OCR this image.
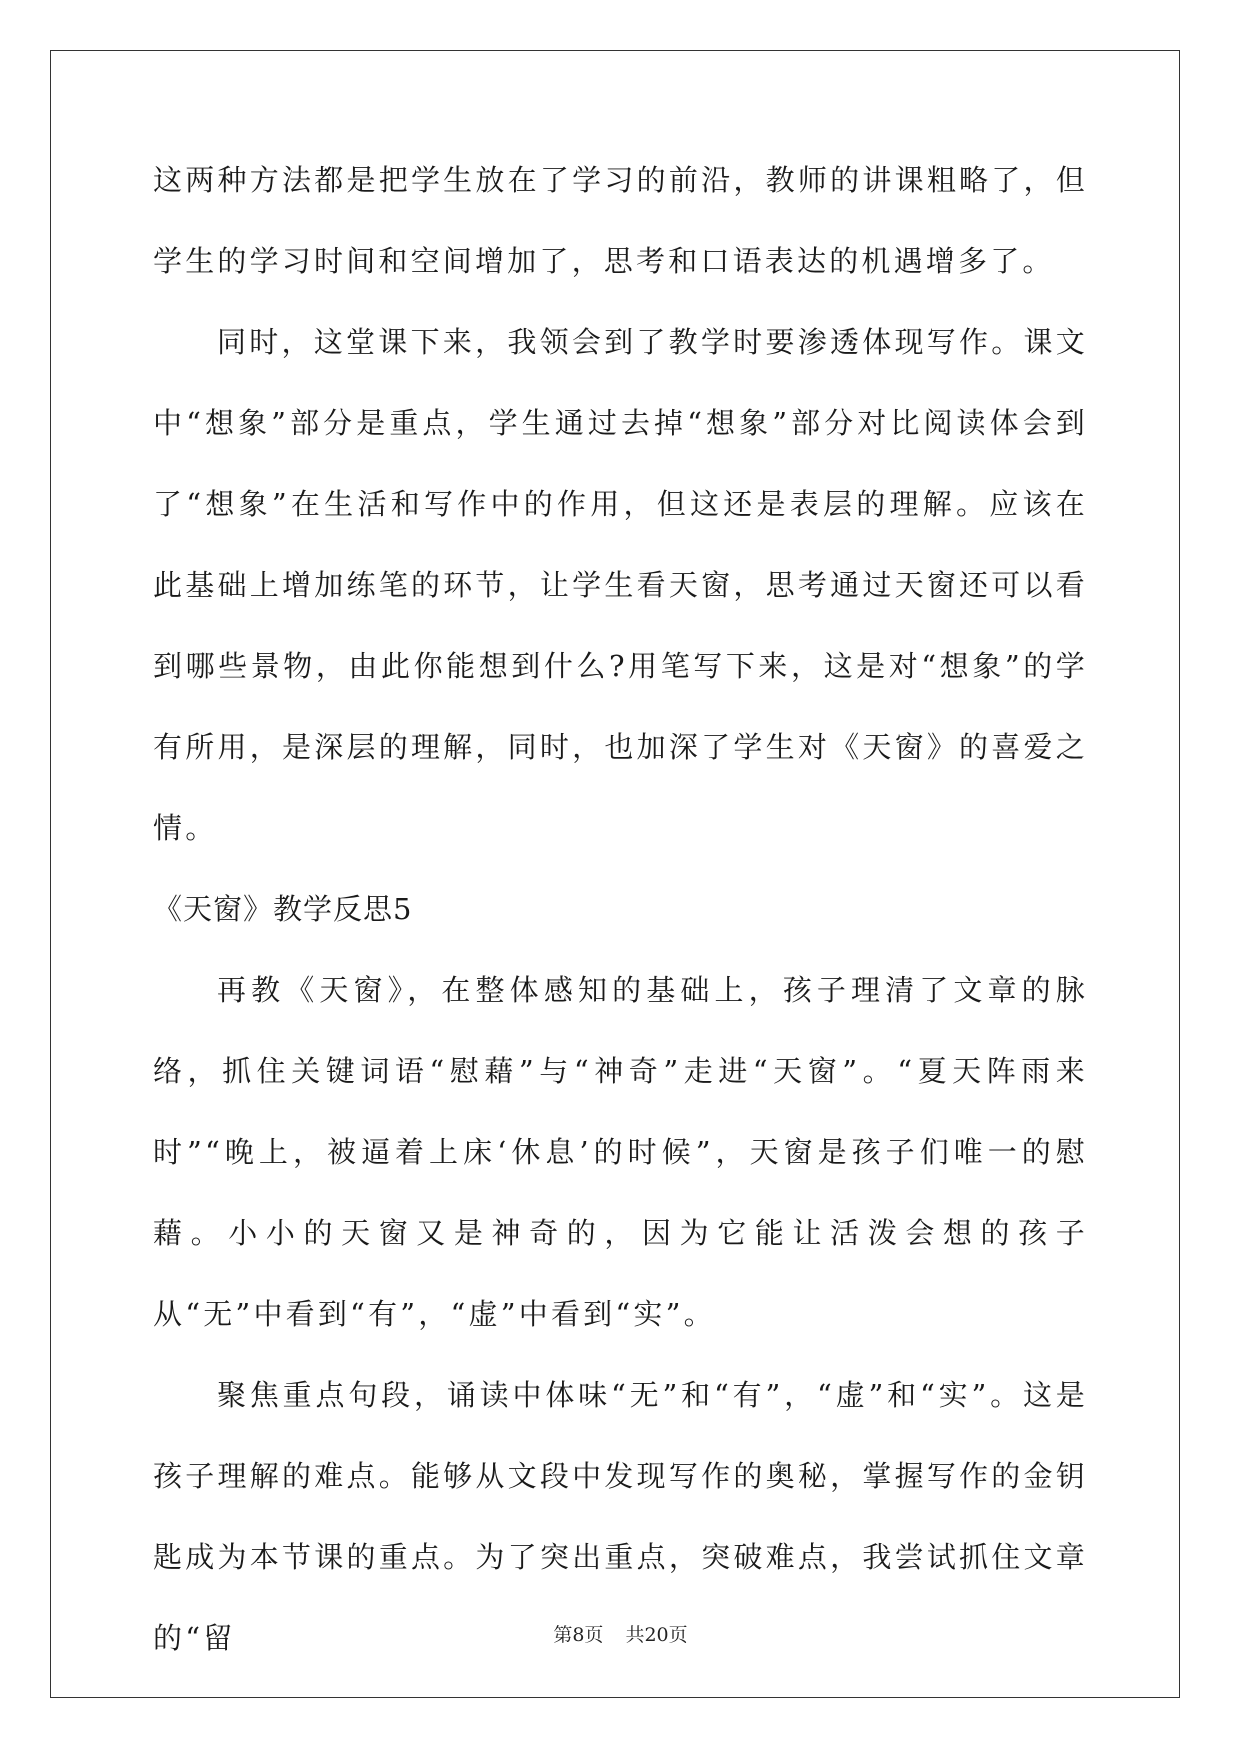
这两种方法都是把学生放在了学习的前沿，教师的讲课粗略了，但学生的学习时间和空间增加了，思考和口语表达的机遇增多了。

同时，这堂课下来，我领会到了教学时要渗透体现写作。课文中“想象”部分是重点，学生通过去掉“想象”部分对比阅读体会到了“想象”在生活和写作中的作用，但这还是表层的理解。应该在此基础上增加练笔的环节，让学生看天窗，思考通过天窗还可以看到哪些景物，由此你能想到什么?用笔写下来，这是对“想象”的学有所用，是深层的理解，同时，也加深了学生对《天窗》的喜爱之情。

《天窗》教学反思5

再教《天窗》，在整体感知的基础上，孩子理清了文章的脉络，抓住关键词语“慰藉”与“神奇”走进“天窗”。“夏天阵雨来时”“晚上，被逼着上床‘休息’的时候”，天窗是孩子们唯一的慰藉。小小的天窗又是神奇的，因为它能让活泼会想的孩子从“无”中看到“有”，“虚”中看到“实”。

聚焦重点句段，诵读中体味“无”和“有”，“虚”和“实”。这是孩子理解的难点。能够从文段中发现写作的奥秘，掌握写作的金钥匙成为本节课的重点。为了突出重点，突破难点，我尝试抓住文章的“留	第8页 共20页
